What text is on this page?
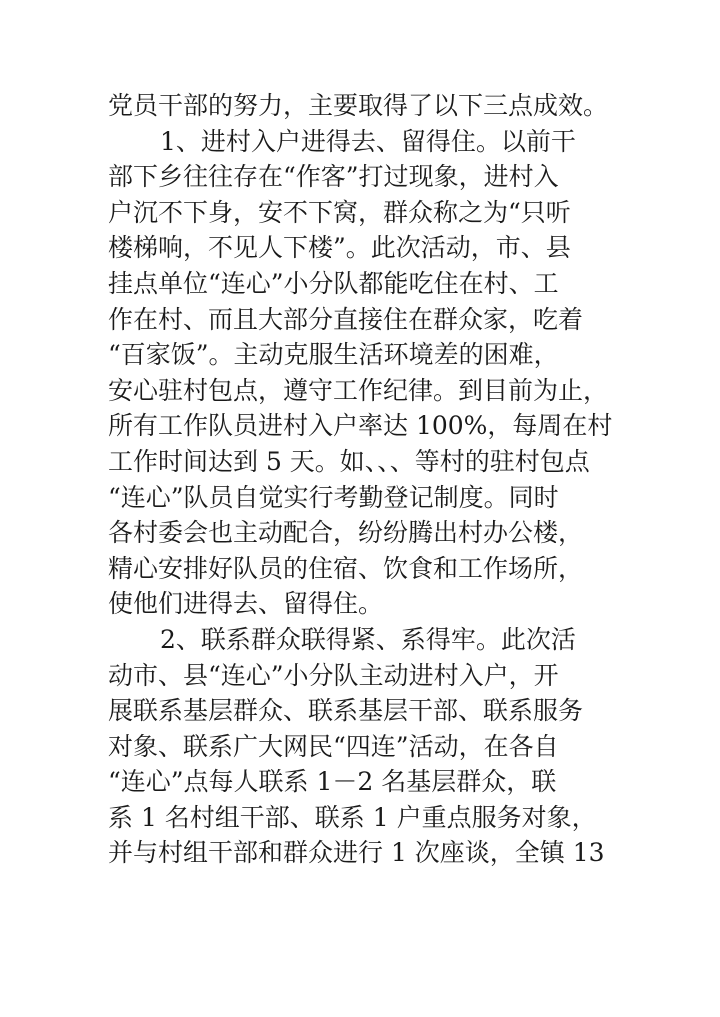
党员干部的努力，主要取得了以下三点成效。
1、进村入户进得去、留得住。以前干
部下乡往往存在“作客”打过现象，进村入
户沉不下身，安不下窝，群众称之为“只听
楼梯响，不见人下楼”。此次活动，市、县
挂点单位“连心”小分队都能吃住在村、工
作在村、而且大部分直接住在群众家，吃着
“百家饭”。主动克服生活环境差的困难，
安心驻村包点，遵守工作纪律。到目前为止，
所有工作队员进村入户率达 100%，每周在村
工作时间达到 5 天。如、、、等村的驻村包点
“连心”队员自觉实行考勤登记制度。同时
各村委会也主动配合，纷纷腾出村办公楼，
精心安排好队员的住宿、饮食和工作场所，
使他们进得去、留得住。
2、联系群众联得紧、系得牢。此次活
动市、县“连心”小分队主动进村入户，开
展联系基层群众、联系基层干部、联系服务
对象、联系广大网民“四连”活动，在各自
“连心”点每人联系 1－2 名基层群众，联
系 1 名村组干部、联系 1 户重点服务对象，
并与村组干部和群众进行 1 次座谈，全镇 13
